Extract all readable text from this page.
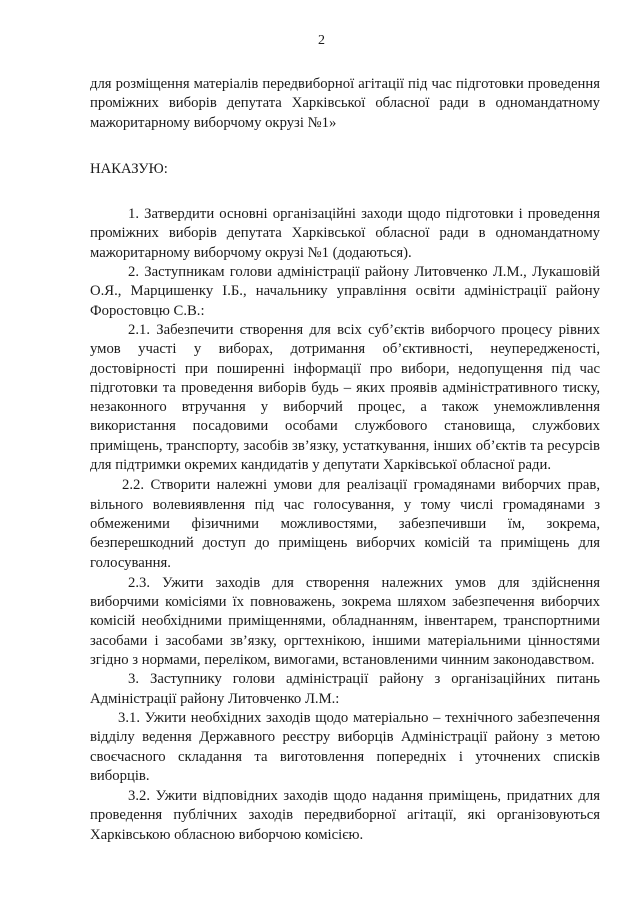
2

для розміщення матеріалів передвиборної агітації під час підготовки проведення проміжних виборів депутата Харківської обласної ради в одномандатному мажоритарному виборчому окрузі №1»

НАКАЗУЮ:

1. Затвердити основні організаційні заходи щодо підготовки і проведення проміжних виборів депутата Харківської обласної ради в одномандатному мажоритарному виборчому окрузі №1 (додаються).

2. Заступникам голови адміністрації району Литовченко Л.М., Лукашовій О.Я., Марцишенку І.Б., начальнику управління освіти адміністрації району Форостовцю С.В.:

2.1. Забезпечити створення для всіх суб’єктів виборчого процесу рівних умов участі у виборах, дотримання об’єктивності, неупередженості, достовірності при поширенні інформації про вибори, недопущення під час підготовки та проведення виборів будь – яких проявів адміністративного тиску, незаконного втручання у виборчий процес, а також унеможливлення використання посадовими особами службового становища, службових приміщень, транспорту, засобів зв’язку, устаткування, інших об’єктів та ресурсів для підтримки окремих кандидатів у депутати Харківської обласної ради.

2.2. Створити належні умови для реалізації громадянами виборчих прав, вільного волевиявлення під час голосування, у тому числі громадянами з обмеженими фізичними можливостями, забезпечивши їм, зокрема, безперешкодний доступ до приміщень виборчих комісій та приміщень для голосування.

2.3. Ужити заходів для створення належних умов для здійснення виборчими комісіями їх повноважень, зокрема шляхом забезпечення виборчих комісій необхідними приміщеннями, обладнанням, інвентарем, транспортними засобами і засобами зв’язку, оргтехнікою, іншими матеріальними цінностями згідно з нормами, переліком, вимогами, встановленими чинним законодавством.

3. Заступнику голови адміністрації району з організаційних питань Адміністрації району Литовченко Л.М.:

3.1. Ужити необхідних заходів щодо матеріально – технічного забезпечення відділу ведення Державного реєстру виборців Адміністрації району з метою своєчасного складання та виготовлення попередніх і уточнених списків виборців.

3.2. Ужити відповідних заходів щодо надання приміщень, придатних для проведення публічних заходів передвиборної агітації, які організовуються Харківською обласною виборчою комісією.
